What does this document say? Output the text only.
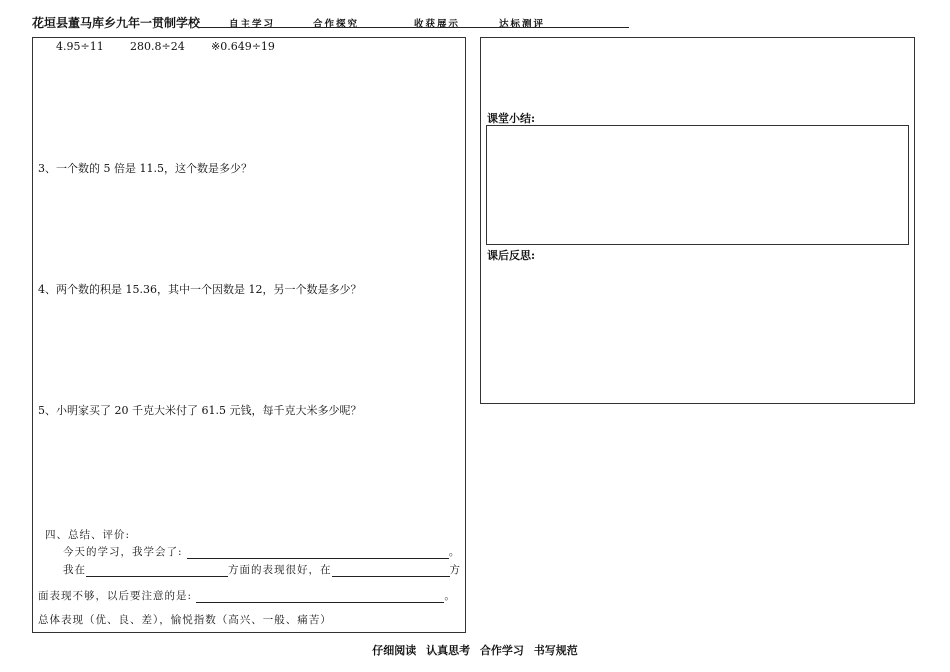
花垣县董马库乡九年一贯制学校	自主学习	合作探究	收获展示	达标测评
4.95÷11 280.8÷24 ※0.649÷19
3、一个数的 5 倍是 11.5，这个数是多少？
4、两个数的积是 15.36，其中一个因数是 12，另一个数是多少？
5、小明家买了 20 千克大米付了 61.5 元钱，每千克大米多少呢？
四、总结、评价:
今天的学习，我学会了:	。
我在	方面的表现很好，在	方
面表现不够，以后要注意的是:	。
总体表现（优、良、差），愉悦指数（高兴、一般、痛苦）
课堂小结:
课后反思:
仔细阅读 认真思考 合作学习 书写规范
